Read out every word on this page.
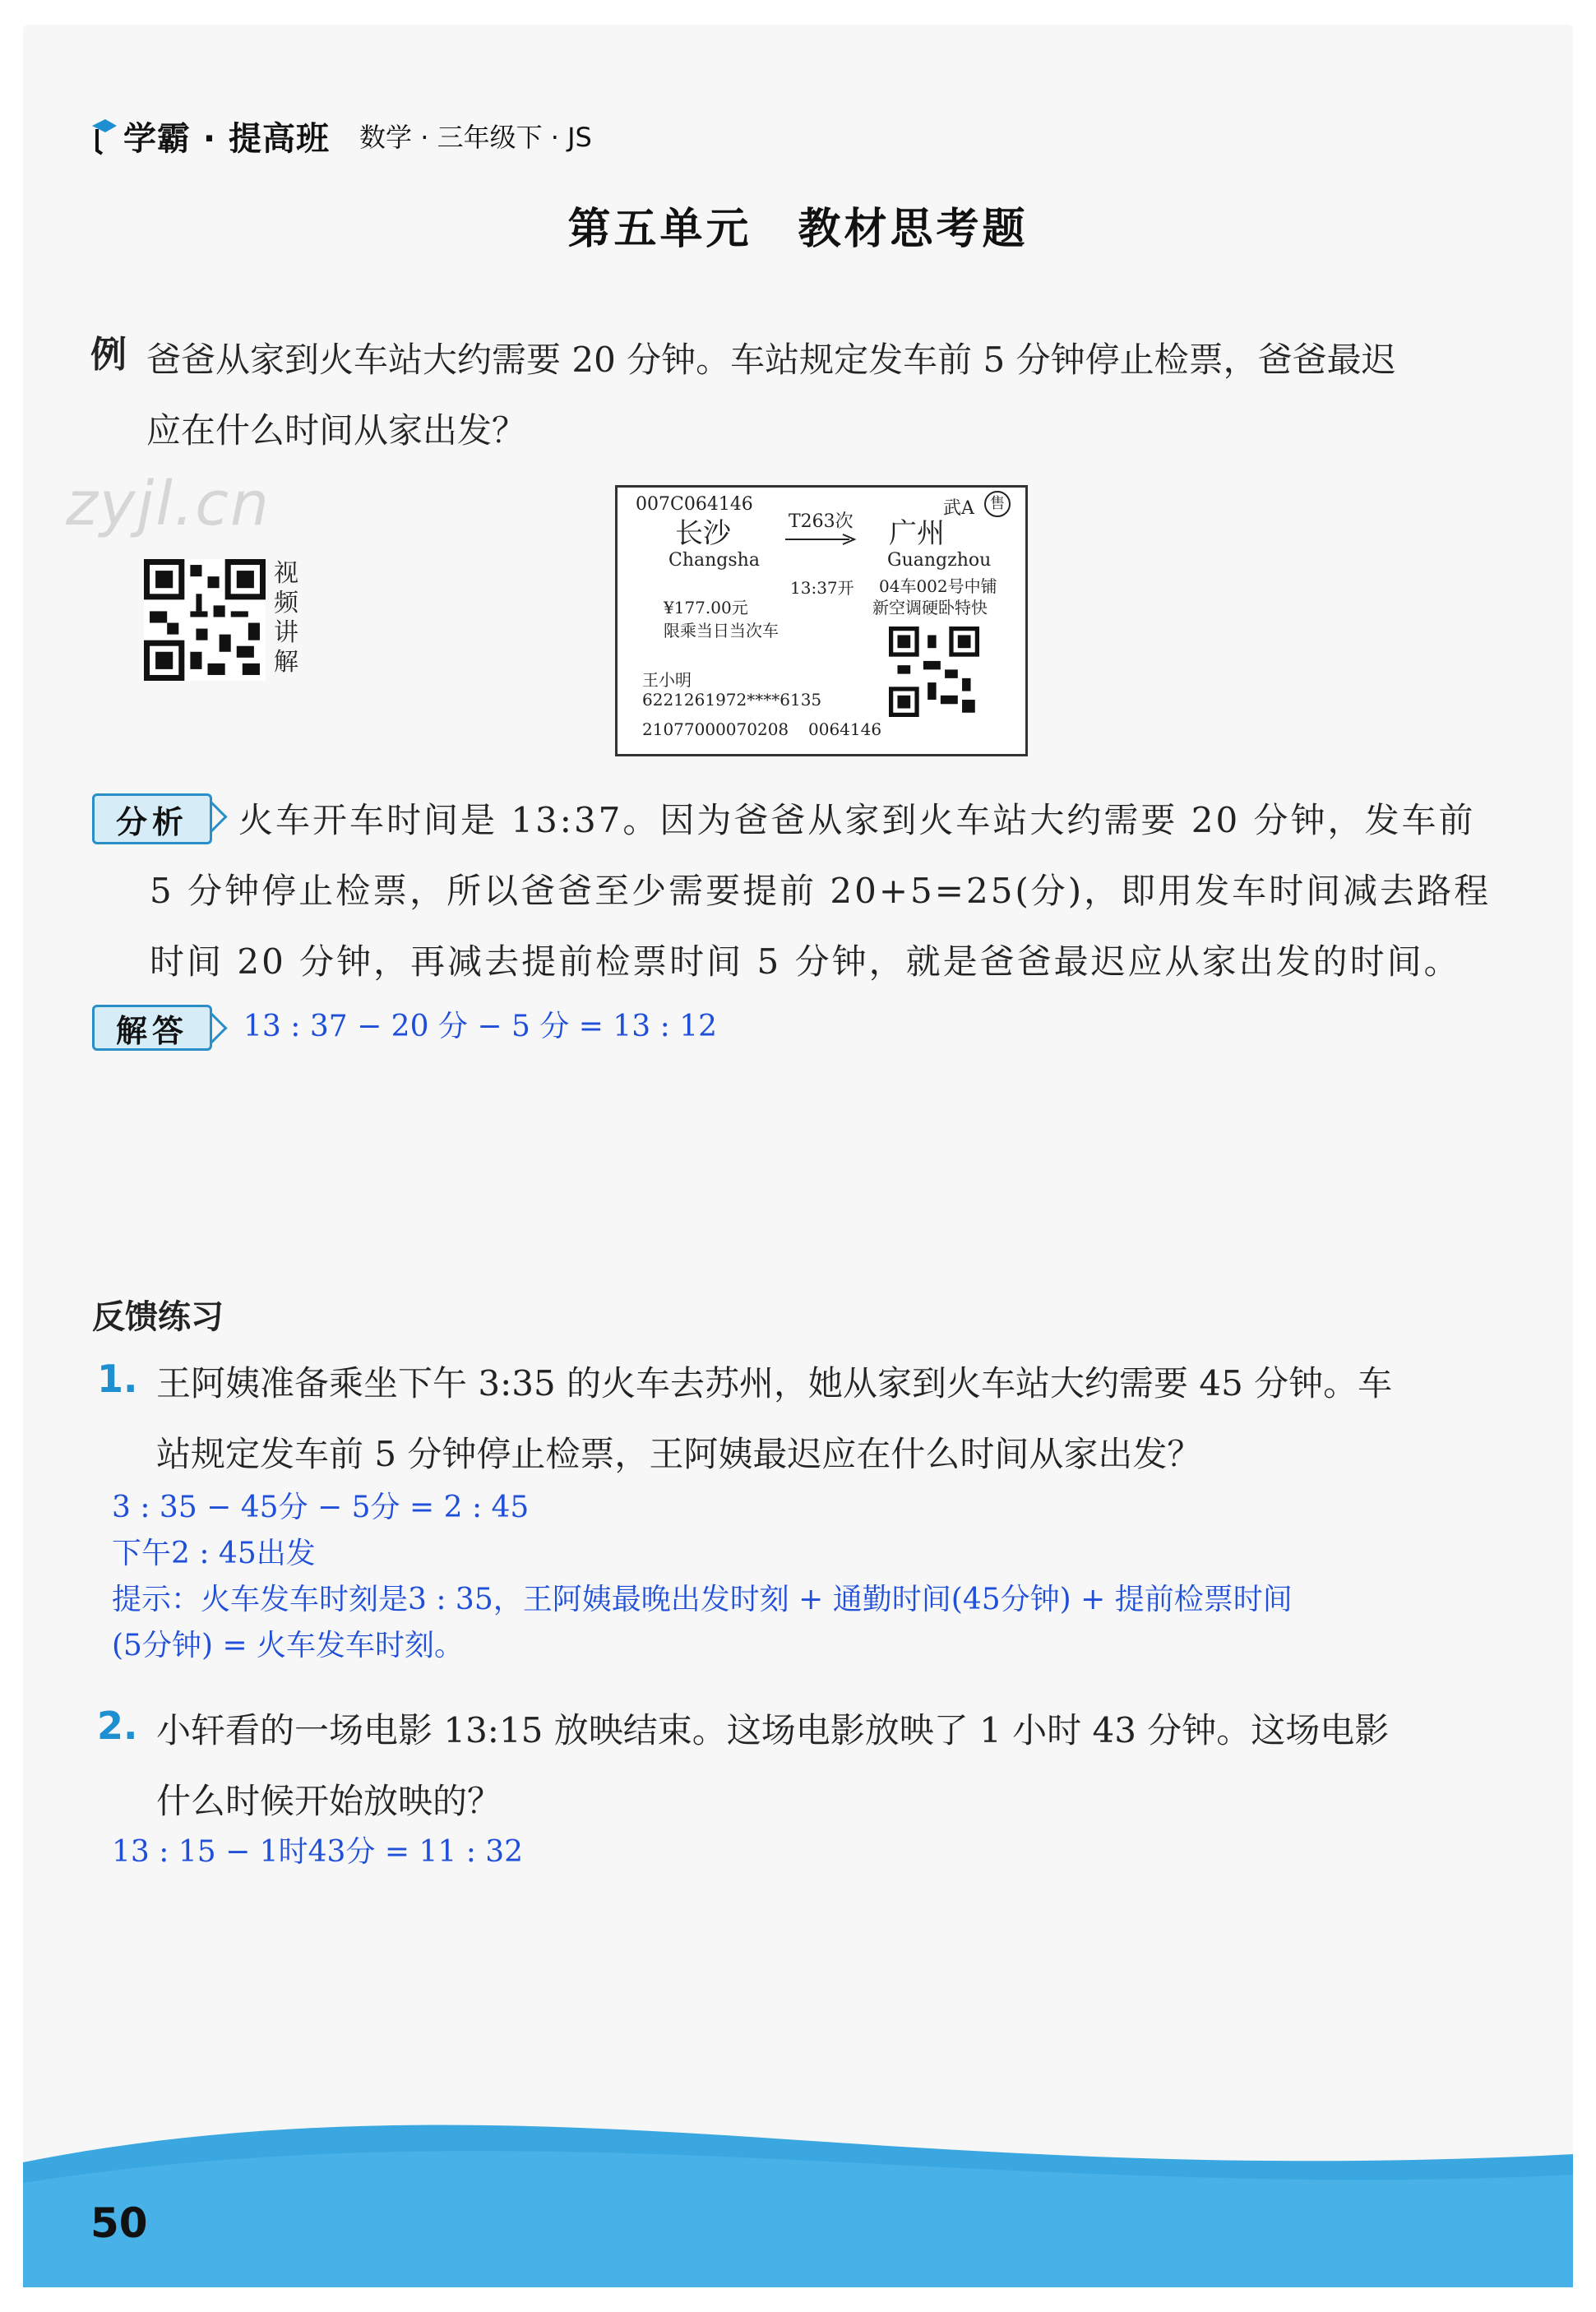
学霸 · 提高班 数学 · 三年级下 · JS
第五单元　教材思考题
例 爸爸从家到火车站大约需要 20 分钟。车站规定发车前 5 分钟停止检票，爸爸最迟
应在什么时间从家出发？
zyjl.cn
视
频
讲
解
007C064146	武A	售
长沙
Changsha
T263次 广州
Guangzhou
13:37开 04车002号中铺
新空调硬卧特快
¥177.00元
限乘当日当次车
王小明
6221261972****6135
21077000070208 0064146
分析	火车开车时间是 13:37。因为爸爸从家到火车站大约需要 20 分钟，发车前
5 分钟停止检票，所以爸爸至少需要提前 20+5=25(分)，即用发车时间减去路程
时间 20 分钟，再减去提前检票时间 5 分钟，就是爸爸最迟应从家出发的时间。
解答	13 : 37 − 20 分 − 5 分 = 13 : 12
反馈练习
1. 王阿姨准备乘坐下午 3:35 的火车去苏州，她从家到火车站大约需要 45 分钟。车
站规定发车前 5 分钟停止检票，王阿姨最迟应在什么时间从家出发？
3 : 35 − 45分 − 5分 = 2 : 45
下午2 : 45出发
提示：火车发车时刻是3 : 35，王阿姨最晚出发时刻 + 通勤时间(45分钟) + 提前检票时间
(5分钟) = 火车发车时刻。
2. 小轩看的一场电影 13:15 放映结束。这场电影放映了 1 小时 43 分钟。这场电影
什么时候开始放映的？
13 : 15 − 1时43分 = 11 : 32
50
